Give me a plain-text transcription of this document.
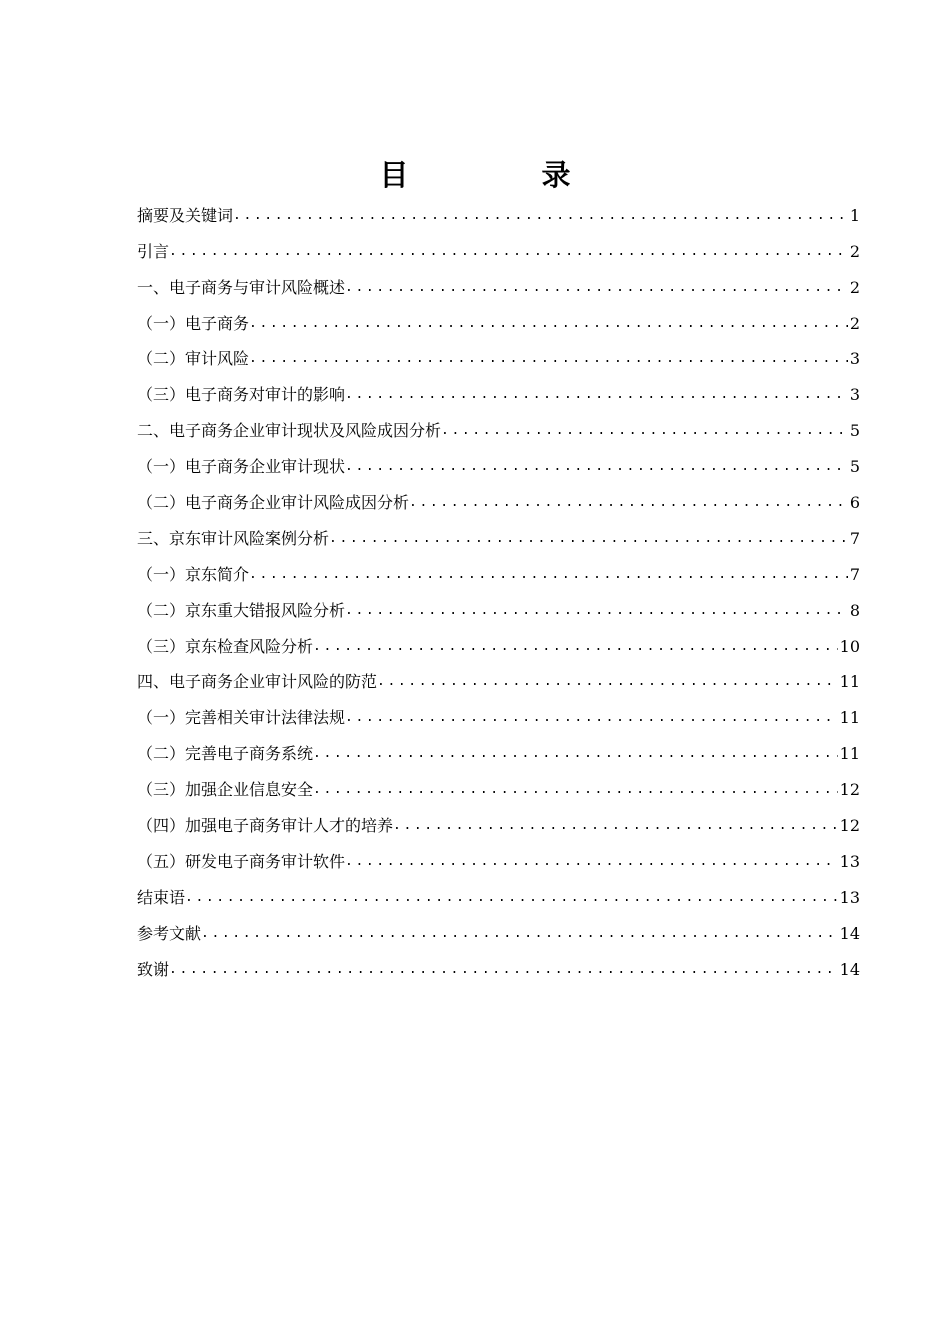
目　录
摘要及关键词 .....	1
引言 .....	2
一、电子商务与审计风险概述 .....	2
（一）电子商务 .....	2
（二）审计风险 .....	3
（三）电子商务对审计的影响 .....	3
二、电子商务企业审计现状及风险成因分析 .....	5
（一）电子商务企业审计现状 .....	5
（二）电子商务企业审计风险成因分析 .....	6
三、京东审计风险案例分析 .....	7
（一）京东简介 .....	7
（二）京东重大错报风险分析 .....	8
（三）京东检查风险分析 .....	10
四、电子商务企业审计风险的防范 .....	11
（一）完善相关审计法律法规 .....	11
（二）完善电子商务系统 .....	11
（三）加强企业信息安全 .....	12
（四）加强电子商务审计人才的培养 .....	12
（五）研发电子商务审计软件 .....	13
结束语 .....	13
参考文献 .....	14
致谢 .....	14
